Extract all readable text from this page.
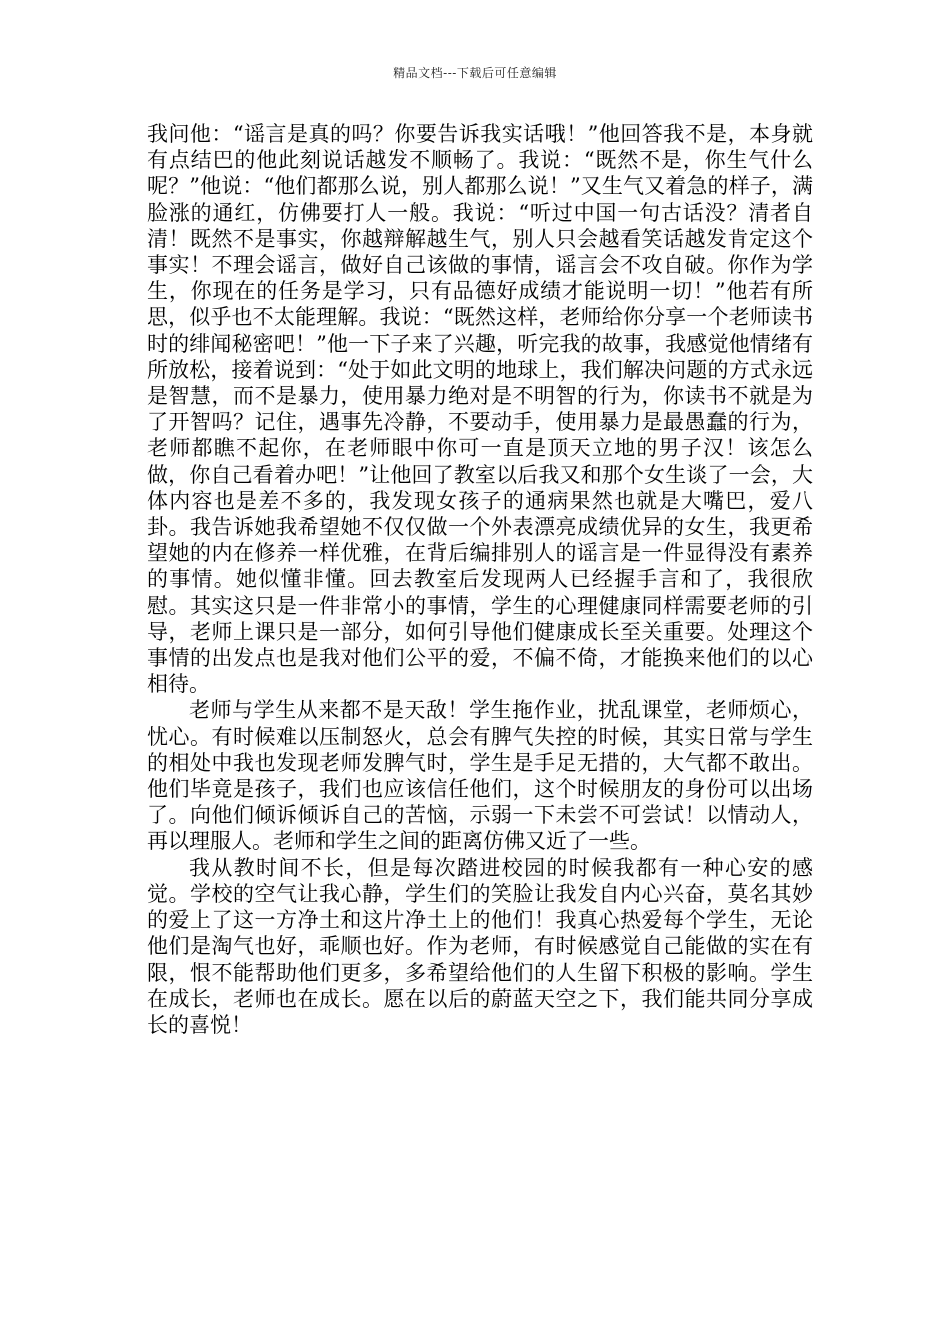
精品文档---下载后可任意编辑

我问他：“谣言是真的吗？你要告诉我实话哦！”他回答我不是，本身就有点结巴的他此刻说话越发不顺畅了。我说：“既然不是，你生气什么呢？”他说：“他们都那么说，别人都那么说！”又生气又着急的样子，满脸涨的通红，仿佛要打人一般。我说：“听过中国一句古话没？清者自清！既然不是事实，你越辩解越生气，别人只会越看笑话越发肯定这个事实！不理会谣言，做好自己该做的事情，谣言会不攻自破。你作为学生，你现在的任务是学习，只有品德好成绩才能说明一切！”他若有所思，似乎也不太能理解。我说：“既然这样，老师给你分享一个老师读书时的绯闻秘密吧！”他一下子来了兴趣，听完我的故事，我感觉他情绪有所放松，接着说到：“处于如此文明的地球上，我们解决问题的方式永远是智慧，而不是暴力，使用暴力绝对是不明智的行为，你读书不就是为了开智吗？记住，遇事先冷静，不要动手，使用暴力是最愚蠢的行为，老师都瞧不起你，在老师眼中你可一直是顶天立地的男子汉！该怎么做，你自己看着办吧！”让他回了教室以后我又和那个女生谈了一会，大体内容也是差不多的，我发现女孩子的通病果然也就是大嘴巴，爱八卦。我告诉她我希望她不仅仅做一个外表漂亮成绩优异的女生，我更希望她的内在修养一样优雅，在背后编排别人的谣言是一件显得没有素养的事情。她似懂非懂。回去教室后发现两人已经握手言和了，我很欣慰。其实这只是一件非常小的事情，学生的心理健康同样需要老师的引导，老师上课只是一部分，如何引导他们健康成长至关重要。处理这个事情的出发点也是我对他们公平的爱，不偏不倚，才能换来他们的以心相待。

老师与学生从来都不是天敌！学生拖作业，扰乱课堂，老师烦心，忧心。有时候难以压制怒火，总会有脾气失控的时候，其实日常与学生的相处中我也发现老师发脾气时，学生是手足无措的，大气都不敢出。他们毕竟是孩子，我们也应该信任他们，这个时候朋友的身份可以出场了。向他们倾诉倾诉自己的苦恼，示弱一下未尝不可尝试！以情动人，再以理服人。老师和学生之间的距离仿佛又近了一些。

我从教时间不长，但是每次踏进校园的时候我都有一种心安的感觉。学校的空气让我心静，学生们的笑脸让我发自内心兴奋，莫名其妙的爱上了这一方净土和这片净土上的他们！我真心热爱每个学生，无论他们是淘气也好，乖顺也好。作为老师，有时候感觉自己能做的实在有限，恨不能帮助他们更多，多希望给他们的人生留下积极的影响。学生在成长，老师也在成长。愿在以后的蔚蓝天空之下，我们能共同分享成长的喜悦！
